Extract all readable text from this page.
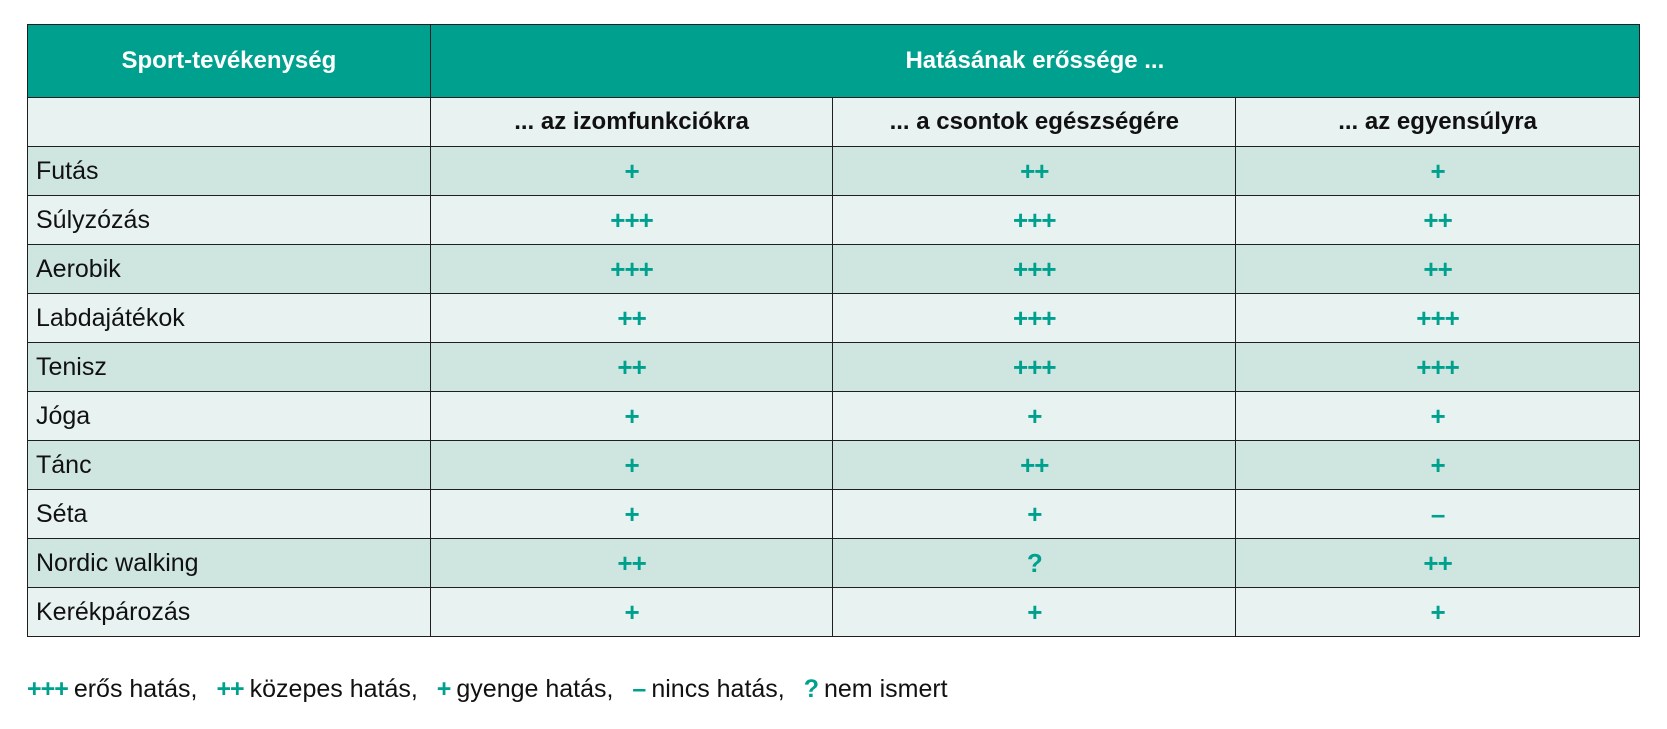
Sport-tevékenység	Hatásának erőssége ...		
	... az izomfunkciókra	... a csontok egészségére	... az egyensúlyra
Futás	+	++	+
Súlyzózás	+++	+++	++
Aerobik	+++	+++	++
Labdajátékok	++	+++	+++
Tenisz	++	+++	+++
Jóga	+	+	+
Tánc	+	++	+
Séta	+	+	–
Nordic walking	++	?	++
Kerékpározás	+	+	+
+++ erős hatás, ++ közepes hatás, + gyenge hatás, – nincs hatás, ? nem ismert
